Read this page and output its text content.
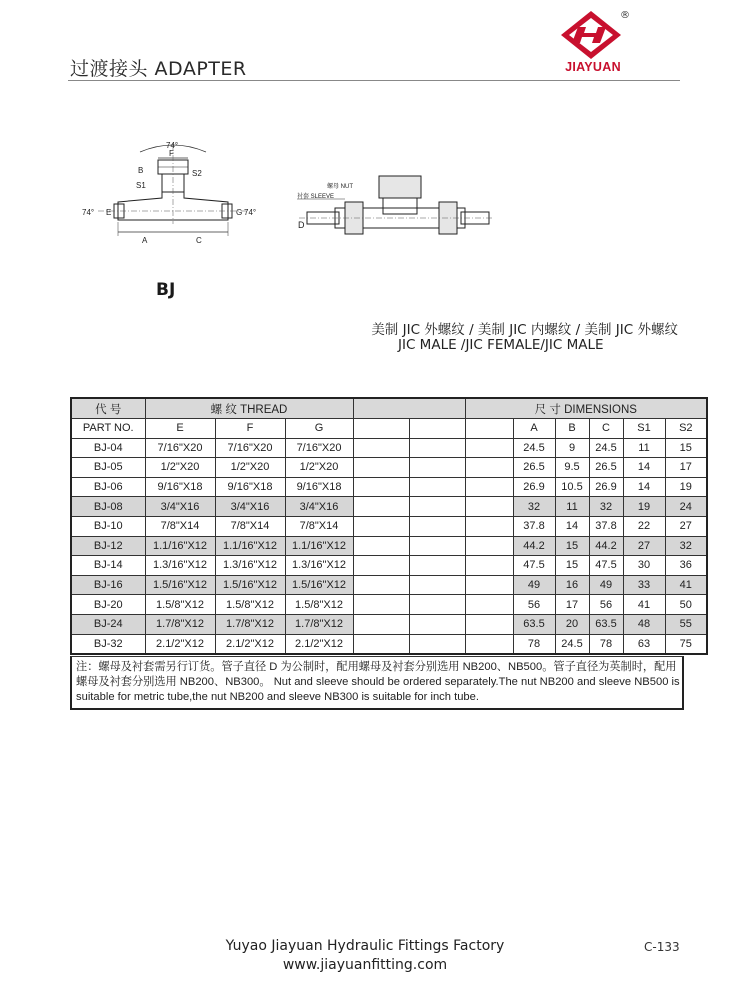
过渡接头 ADAPTER
®
JIAYUAN
74°
F
B	S2
S1
74° E	G 74°
A	C
螺母 NUT
衬套 SLEEVE
D
BJ
美制 JIC 外螺纹 / 美制 JIC 内螺纹 / 美制 JIC 外螺纹
JIC MALE /JIC FEMALE/JIC MALE
代 号	螺 纹 THREAD					尺 寸 DIMENSIONS					
PART NO.	E	F	G				A	B	C	S1	S2
BJ-04	7/16"X20	7/16"X20	7/16"X20				24.5	9	24.5	11	15
BJ-05	1/2"X20	1/2"X20	1/2"X20				26.5	9.5	26.5	14	17
BJ-06	9/16"X18	9/16"X18	9/16"X18				26.9	10.5	26.9	14	19
BJ-08	3/4"X16	3/4"X16	3/4"X16				32	11	32	19	24
BJ-10	7/8"X14	7/8"X14	7/8"X14				37.8	14	37.8	22	27
BJ-12	1.1/16"X12	1.1/16"X12	1.1/16"X12				44.2	15	44.2	27	32
BJ-14	1.3/16"X12	1.3/16"X12	1.3/16"X12				47.5	15	47.5	30	36
BJ-16	1.5/16"X12	1.5/16"X12	1.5/16"X12				49	16	49	33	41
BJ-20	1.5/8"X12	1.5/8"X12	1.5/8"X12				56	17	56	41	50
BJ-24	1.7/8"X12	1.7/8"X12	1.7/8"X12				63.5	20	63.5	48	55
BJ-32	2.1/2"X12	2.1/2"X12	2.1/2"X12				78	24.5	78	63	75
注：螺母及衬套需另行订货。管子直径 D 为公制时，配用螺母及衬套分别选用 NB200、NB500。管子直径为英制时，配用螺母及衬套分别选用 NB200、NB300。 Nut and sleeve should be ordered separately.The nut NB200 and sleeve NB500 is suitable for metric tube,the nut NB200 and sleeve NB300 is suitable for inch tube.
Yuyao Jiayuan Hydraulic Fittings Factory
www.jiayuanfitting.com
C-133
